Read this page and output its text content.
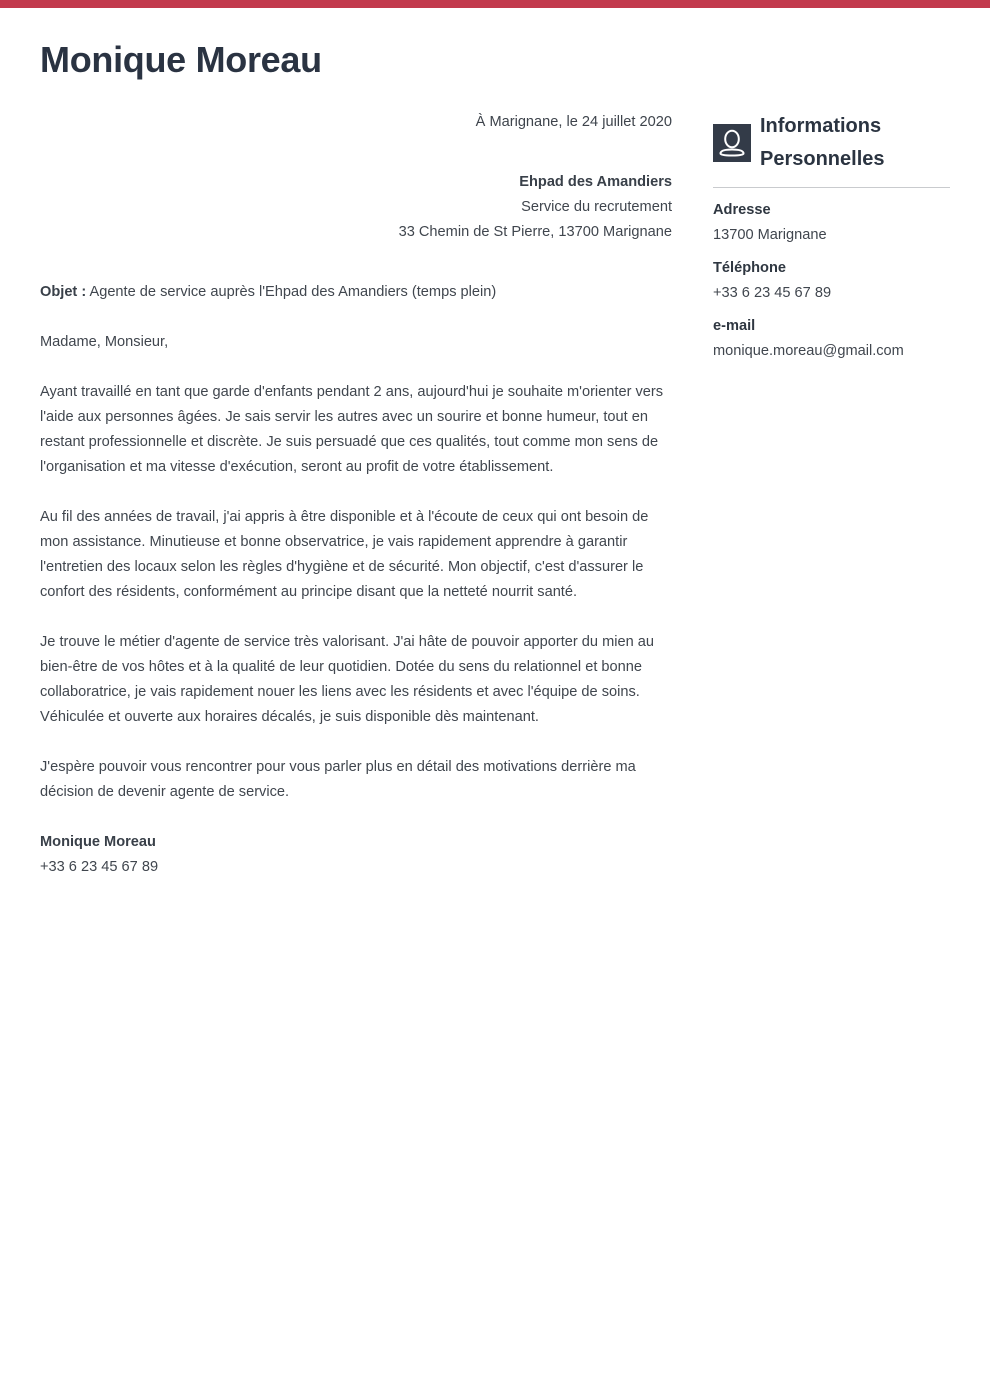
Monique Moreau
À Marignane, le 24 juillet 2020
Ehpad des Amandiers
Service du recrutement
33 Chemin de St Pierre, 13700 Marignane
Objet : Agente de service auprès l'Ehpad des Amandiers (temps plein)
Madame, Monsieur,

Ayant travaillé en tant que garde d'enfants pendant 2 ans, aujourd'hui je souhaite m'orienter vers l'aide aux personnes âgées. Je sais servir les autres avec un sourire et bonne humeur, tout en restant professionnelle et discrète. Je suis persuadé que ces qualités, tout comme mon sens de l'organisation et ma vitesse d'exécution, seront au profit de votre établissement.

Au fil des années de travail, j'ai appris à être disponible et à l'écoute de ceux qui ont besoin de mon assistance. Minutieuse et bonne observatrice, je vais rapidement apprendre à garantir l'entretien des locaux selon les règles d'hygiène et de sécurité. Mon objectif, c'est d'assurer le confort des résidents, conformément au principe disant que la netteté nourrit santé.

Je trouve le métier d'agente de service très valorisant. J'ai hâte de pouvoir apporter du mien au bien-être de vos hôtes et à la qualité de leur quotidien. Dotée du sens du relationnel et bonne collaboratrice, je vais rapidement nouer les liens avec les résidents et avec l'équipe de soins. Véhiculée et ouverte aux horaires décalés, je suis disponible dès maintenant.

J'espère pouvoir vous rencontrer pour vous parler plus en détail des motivations derrière ma décision de devenir agente de service.

Monique Moreau
+33 6 23 45 67 89
Informations Personnelles
Adresse
13700 Marignane
Téléphone
+33 6 23 45 67 89
e-mail
monique.moreau@gmail.com
